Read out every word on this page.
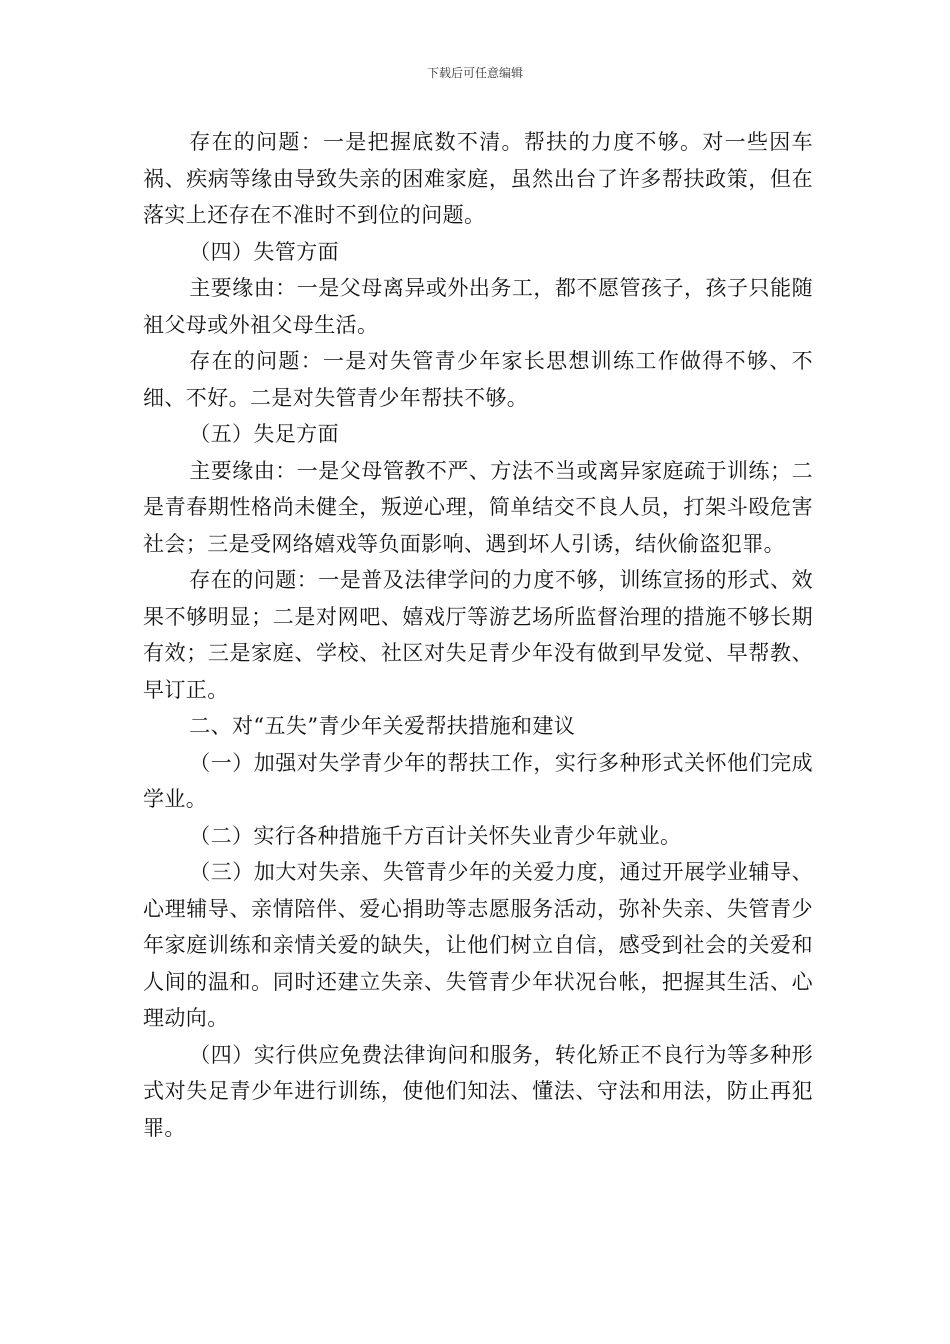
下载后可任意编辑

存在的问题：一是把握底数不清。帮扶的力度不够。对一些因车祸、疾病等缘由导致失亲的困难家庭，虽然出台了许多帮扶政策，但在落实上还存在不准时不到位的问题。

（四）失管方面

主要缘由：一是父母离异或外出务工，都不愿管孩子，孩子只能随祖父母或外祖父母生活。

存在的问题：一是对失管青少年家长思想训练工作做得不够、不细、不好。二是对失管青少年帮扶不够。

（五）失足方面

主要缘由：一是父母管教不严、方法不当或离异家庭疏于训练；二是青春期性格尚未健全，叛逆心理，简单结交不良人员，打架斗殴危害社会；三是受网络嬉戏等负面影响、遇到坏人引诱，结伙偷盗犯罪。

存在的问题：一是普及法律学问的力度不够，训练宣扬的形式、效果不够明显；二是对网吧、嬉戏厅等游艺场所监督治理的措施不够长期有效；三是家庭、学校、社区对失足青少年没有做到早发觉、早帮教、早订正。

二、对“五失”青少年关爱帮扶措施和建议

（一）加强对失学青少年的帮扶工作，实行多种形式关怀他们完成学业。

（二）实行各种措施千方百计关怀失业青少年就业。

（三）加大对失亲、失管青少年的关爱力度，通过开展学业辅导、心理辅导、亲情陪伴、爱心捐助等志愿服务活动，弥补失亲、失管青少年家庭训练和亲情关爱的缺失，让他们树立自信，感受到社会的关爱和人间的温和。同时还建立失亲、失管青少年状况台帐，把握其生活、心理动向。

（四）实行供应免费法律询问和服务，转化矫正不良行为等多种形式对失足青少年进行训练，使他们知法、懂法、守法和用法，防止再犯罪。
